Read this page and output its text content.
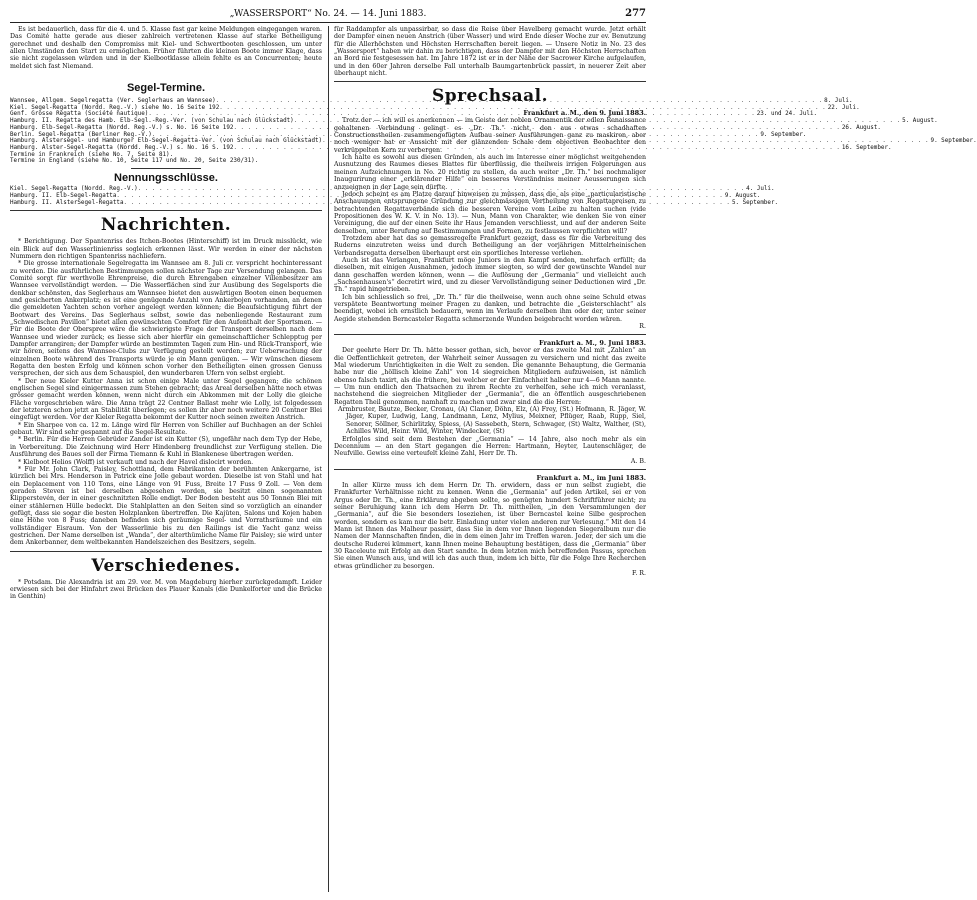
„WASSERSPORT“ No. 24. — 14. Juni 1883.	277

Es ist bedauerlich, dass für die 4. und 5. Klasse fast gar keine Meldungen eingegangen waren. Das Comité hatte gerade aus dieser zahlreich vertretenen Klasse auf starke Betheiligung gerechnet und deshalb den Compromiss mit Kiel- und Schwertbooten geschlossen, um unter allen Umständen den Start zu ermöglichen. Früher führten die kleinen Boote immer Klage, dass sie nicht zugelassen würden und in der Kielbootklasse allein fehlte es an Concurrenten; heute meldet sich fast Niemand.

Segel-Termine.
Wannsee, Allgem. Segelregatta (Ver. Seglerhaus am Wannsee) . . .	8. Juli.
Kiel. Segel-Regatta (Nordd. Reg.-V.) siehe No. 16 Seite 192 . . .	22. Juli.
Genf. Grosse Regatta (Société nautique) . . .	23. und 24. Juli.
Hamburg. II. Regatta des Hamb. Elb-Segl.-Reg.-Ver. (von Schulau nach Glückstadt) . . .	5. August.
Hamburg. Elb-Segel-Regatta (Nordd. Reg.-V.) s. No. 16 Seite 192 . . .	26. August.
Berlin. Segel-Regatta (Berliner Reg.-V.) . . .	9. September.
Hamburg. Alstersegel- und Hamburger Elb-Segel-Regatta-Ver. (von Schulau nach Glückstadt) . . .	9. September.
Hamburg. Alster-Segel-Regatta (Nordd. Reg.-V.) s. No. 16 S. 192 . . .	16. September.
Termine in Frankreich (siehe No. 7, Seite 81).
Termine in England (siehe No. 10, Seite 117 und No. 20, Seite 230/31).
Nennungsschlüsse.
Kiel. Segel-Regatta (Nordd. Reg.-V.) . . .	4. Juli.
Hamburg. II. Elb-Segel-Regatta . . .	9. August.
Hamburg. II. AlsterSegel-Regatta . . .	5. September.
Nachrichten.

* Berichtigung. Der Spantenriss des Itchen-Bootes (Hinterschiff) ist im Druck misslückt, wie ein Blick auf den Wasserlinienriss sogleich erkennen lässt. Wir werden in einer der nächsten Nummern den richtigen Spantenriss nachliefern.

* Die grosse internationale Segelregatta im Wannsee am 8. Juli cr. verspricht hochinteressant zu werden. Die ausführlichen Bestimmungen sollen nächster Tage zur Versendung gelangen. Das Comité sorgt für werthvolle Ehrenpreise, die durch Ehrengaben einzelner Villenbesitzer am Wannsee vervollständigt werden. — Die Wasserflächen sind zur Ausübung des Segelsports die denkbar schönsten, das Seglerhaus am Wannsee bietet den auswärtigen Booten einen bequemen und gesicherten Ankerplatz; es ist eine genügende Anzahl von Ankerbojen vorhanden, an denen die gemeldeten Yachten schon vorher angelegt werden können; die Beaufsichtigung führt der Bootwart des Vereins. Das Seglerhaus selbst, sowie das nebenliegende Restaurant zum „Schwedischen Pavillon“ bietet allen gewünschten Comfort für den Aufenthalt der Sportsmen. — Für die Boote der Oberspree wäre die schwierigste Frage der Transport derselben nach dem Wannsee und wieder zurück; es liesse sich aber hierfür ein gemeinschaftlicher Schlepptug per Dampfer arrangiren; der Dampfer würde an bestimmten Tagen zum Hin- und Rück-Transport, wie wir hören, seitens des Wannsee-Clubs zur Verfügung gestellt werden; zur Ueberwachung der einzelnen Boote während des Transports würde je ein Mann genügen. — Wir wünschen diesem Regatta den besten Erfolg und können schon vorher den Betheiligten einen grossen Genuss versprechen, der sich aus dem Schauspiel, den wunderbaren Ufern von selbst ergiebt.

* Der neue Kieler Kutter Anna ist schon einige Male unter Segel gegangen; die schönen englischen Segel sind einigermassen zum Stehen gebracht; das Areal derselben hätte noch etwas grösser gemacht werden können, wenn nicht durch ein Abkommen mit der Lolly die gleiche Fläche vorgeschrieben wäre. Die Anna trägt 22 Centner Ballast mehr wie Lolly, ist folgedessen der letzteren schon jetzt an Stabilität überlegen; es sollen ihr aber noch weitere 20 Centner Blei eingefügt werden. Vor der Kieler Regatta bekommt der Kutter noch seinen zweiten Anstrich.

* Ein Sharpee von ca. 12 m. Länge wird für Herren von Schiller auf Buchhagen an der Schlei gebaut. Wir sind sehr gespannt auf die Segel-Resultate.

* Berlin. Für die Herren Gebrüder Zander ist ein Kutter (S), ungefähr nach dem Typ der Hebe, in Vorbereitung. Die Zeichnung wird Herr Hindenberg freundlichst zur Verfügung stellen. Die Ausführung des Baues soll der Firma Tiemann & Kuhl in Blankenese übertragen werden.

* Kielboot Helios (Wolff) ist verkauft und nach der Havel dislocirt worden.

* Für Mr. John Clark, Paisley, Schottland, dem Fabrikanten der berühmten Ankergarne, ist kürzlich bei Mrs. Henderson in Patrick eine Jolle gebaut worden. Dieselbe ist von Stahl und hat ein Deplacement von 110 Tons, eine Länge von 91 Fuss, Breite 17 Fuss 9 Zoll. — Von dem geraden Steven ist bei derselben abgesehen worden, sie besitzt einen sogenannten Klipperstevén, der in einer geschnitzten Rolle endigt. Der Boden besteht aus 50 Tonnen Blei mit einer stählernen Hülle bedeckt. Die Stahlplatten an den Seiten sind so vorzüglich an einander gefügt, dass sie sogar die besten Holzplanken übertreffen. Die Kajüten, Salons und Kojen haben eine Höhe von 8 Fuss; daneben befinden sich geräumige Segel- und Vorrathsräume und ein vollständiger Eisraum. Von der Wasserlinie bis zu den Railings ist die Yacht ganz weiss gestrichen. Der Name derselben ist „Wanda“, der alterthümliche Name für Paisley; sie wird unter dem Ankerbanner, dem weltbekannten Handelszeichen des Besitzers, segeln.

Verschiedenes.

* Potsdam. Die Alexandria ist am 29. vor. M. von Magdeburg hierher zurückgedampft. Leider erwiesen sich bei der Hinfahrt zwei Brücken des Plauer Kanals (die Dunkelforter und die Brücke in Genthin)

für Raddampfer als unpassirbar, so dass die Reise über Havelberg gemacht wurde. Jetzt erhält der Dampfer einen neuen Anstrich (über Wasser) und wird Ende dieser Woche zur ev. Benutzung für die Allerhöchsten und Höchsten Herrschaften bereit liegen. — Unsere Notiz in No. 23 des „Wassersport“ haben wir dahin zu berichtigen, dass der Dampfer mit den Höchsten Herrschaften an Bord nie festgesessen hat. Im Jahre 1872 ist er in der Nähe der Sacrower Kirche aufgelaufen, und in den 60er Jahren derselbe Fall unterhalb Baumgartenbrück passirt, in neuerer Zeit aber überhaupt nicht.

Sprechsaal.
Frankfurt a. M., den 9. Juni 1883.

Trotz der — ich will es anerkennen — im Geiste der noblen Ornamentik der edlen Renaissance gehaltenen Verbindung gelingt es „Dr. Th.“ nicht, den aus etwas schadhaften Constructionstheilen zusammengefügten Aufbau seiner Ausführungen ganz zu maskiren, aber noch weniger hat er Aussicht mit der glänzenden Schale dem objectiven Beobachter den verkrüppelten Kern zu verbergen.

Ich halte es sowohl aus diesen Gründen, als auch im Interesse einer möglichst weitgehenden Ausnutzung des Raumes dieses Blattes für überflüssig, die theilweis irrigen Folgerungen aus meinen Aufzeichnungen in No. 20 richtig zu stellen, da auch weiter „Dr. Th.“ bei nochmaliger Inaugurirung einer „erklärender Hilfe“ ein besseres Verständniss meiner Aeusserungen sich anzueignen in der Lage sein dürfte.

Jedoch scheint es am Platze darauf hinweisen zu müssen, dass die, als eine „particularistische Anschauungen entsprungene Gründung zur gleichmässigen Vertheilung von Regattapreisen zu betrachtenden Regattaverbände sich die besseren Vereine vom Leibe zu halten suchen (vide Propositionen des W. K. V. in No. 13). — Nun, Mann von Charakter, wie denken Sie von einer Vereinigung, die auf der einen Seite ihr Haus Jemanden verschliesst, und auf der anderen Seite denselben, unter Berufung auf Bestimmungen und Formen, zu festlaussen verpflichten will?

Trotzdem aber hat das so gemassregelte Frankfurt gezeigt, dass es für die Verbreitung des Ruderns einzutreten weiss und durch Betheiligung an der vorjährigen Mittelrheinischen Verbandsregatta derselben überhaupt erst ein sportliches Interesse verliehen.

Auch ist das Verlangen, Frankfurt möge Juniors in den Kampf senden, mehrfach erfüllt; da dieselben, mit einigen Ausnahmen, jedoch immer siegten, so wird der gewünschte Wandel nur dann geschaffen werden können, wenn — die Auflösung der „Germania“ und vielleicht auch „Sachsenhausen's“ decretirt wird, und zu dieser Vervollständigung seiner Deductionen wird „Dr. Th.“ rapid hingetrieben.

Ich bin schliesslich so frei, „Dr. Th.“ für die theilweise, wenn auch ohne seine Schuld etwas verspätete Beantwortung meiner Fragen zu danken, und betrachte die „Geisterschlacht“ als beendigt, wobei ich ernstlich bedauern, wenn im Verlaufe derselben ihm oder der, unter seiner Aegide stehenden Berncasteler Regatta schmerzende Wunden beigebracht worden wären.

R.
Frankfurt a. M., 9. Juni 1883.

Der geehrte Herr Dr. Th. hätte besser gethan, sich, bevor er das zweite Mal mit „Zahlen“ an die Oeffentlichkeit getreten, der Wahrheit seiner Aussagen zu versichern und nicht das zweite Mal wiederum Unrichtigkeiten in die Welt zu senden. Die genannte Behauptung, die Germania habe nur die „höllisch kleine Zahl“ von 14 siegreichen Mitgliedern aufzuweisen, ist nämlich ebenso falsch taxirt, als die frühere, bei welcher er der Einfachheit halber nur 4—6 Mann nannte. — Um nun endlich den Thatsachen zu ihrem Rechte zu verhelfen, sehe ich mich veranlasst, nachstehend die siegreichen Mitglieder der „Germania“, die an öffentlich ausgeschriebenen Regatten Theil genommen, namhaft zu machen und zwar sind die die Herren:

Armbruster, Bautze, Becker, Cronau, (A) Claner, Döhn, Elz, (A) Frey, (St.) Hofmann, R. Jäger, W. Jäger, Kuper, Ludwig, Lang, Landmann, Lenz, Mylius, Meixner, Pflüger, Raab, Rupp, Siel, Senorer, Söllner, Schirlitzky, Spiess, (A) Sassebeth, Stern, Schwager, (St) Waltz, Walther, (St), Achilles Wild, Heinr. Wild, Winter, Windecker, (St)

Erfolglos sind seit dem Bestehen der „Germania“ — 14 Jahre, also noch mehr als ein Decennium — an den Start gegangen die Herren: Hartmann, Heyter, Lautenschläger, de Neufville. Gewiss eine verteufelt kleine Zahl, Herr Dr. Th.

A. B.
Frankfurt a. M., im Juni 1883.

In aller Kürze muss ich dem Herrn Dr. Th. erwidern, dass er nun selbst zugiebt, die Frankfurter Verhältnisse nicht zu kennen. Wenn die „Germania“ auf jeden Artikel, sei er von Argus oder Dr. Th., eine Erklärung abgeben sollte, so genügten hundert Schriftführer nicht; zu seiner Beruhigung kann ich dem Herrn Dr. Th. mittheilen, „in den Versammlungen der „Germania“, auf die Sie besonders loseziehen, ist über Berncastel keine Silbe gesprochen worden, sondern es kam nur die betr. Einladung unter vielen anderen zur Verlesung.“ Mit den 14 Mann ist Ihnen das Malheur passirt, dass Sie in dem vor Ihnen liegenden Siegeralbum nur die Namen der Mannschaften finden, die in dem einen Jahr im Treffen waren. Jeder, der sich um die deutsche Ruderei kümmert, kann Ihnen meine Behauptung bestätigen, dass die „Germania“ über 30 Raceleute mit Erfolg an den Start sandte. In dem letzten mich betreffenden Passus, sprechen Sie einen Wunsch aus, und will ich das auch thun, indem ich bitte, für die Folge Ihre Recherchen etwas gründlicher zu besorgen.

F. R.
